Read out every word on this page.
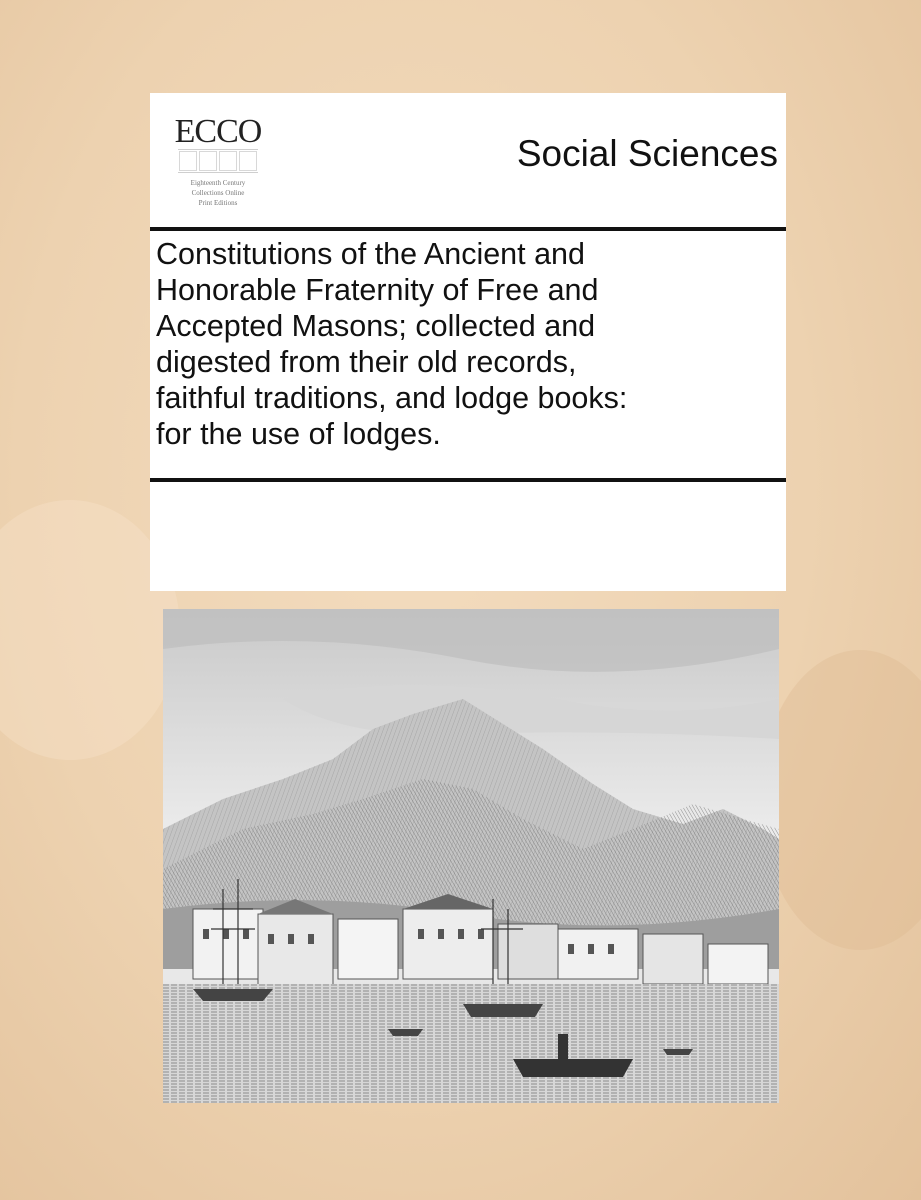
ECCO
Eighteenth Century
Collections Online
Print Editions
Social Sciences
Constitutions of the Ancient and
Honorable Fraternity of Free and
Accepted Masons; collected and
digested from their old records,
faithful traditions, and lodge books:
for the use of lodges.
